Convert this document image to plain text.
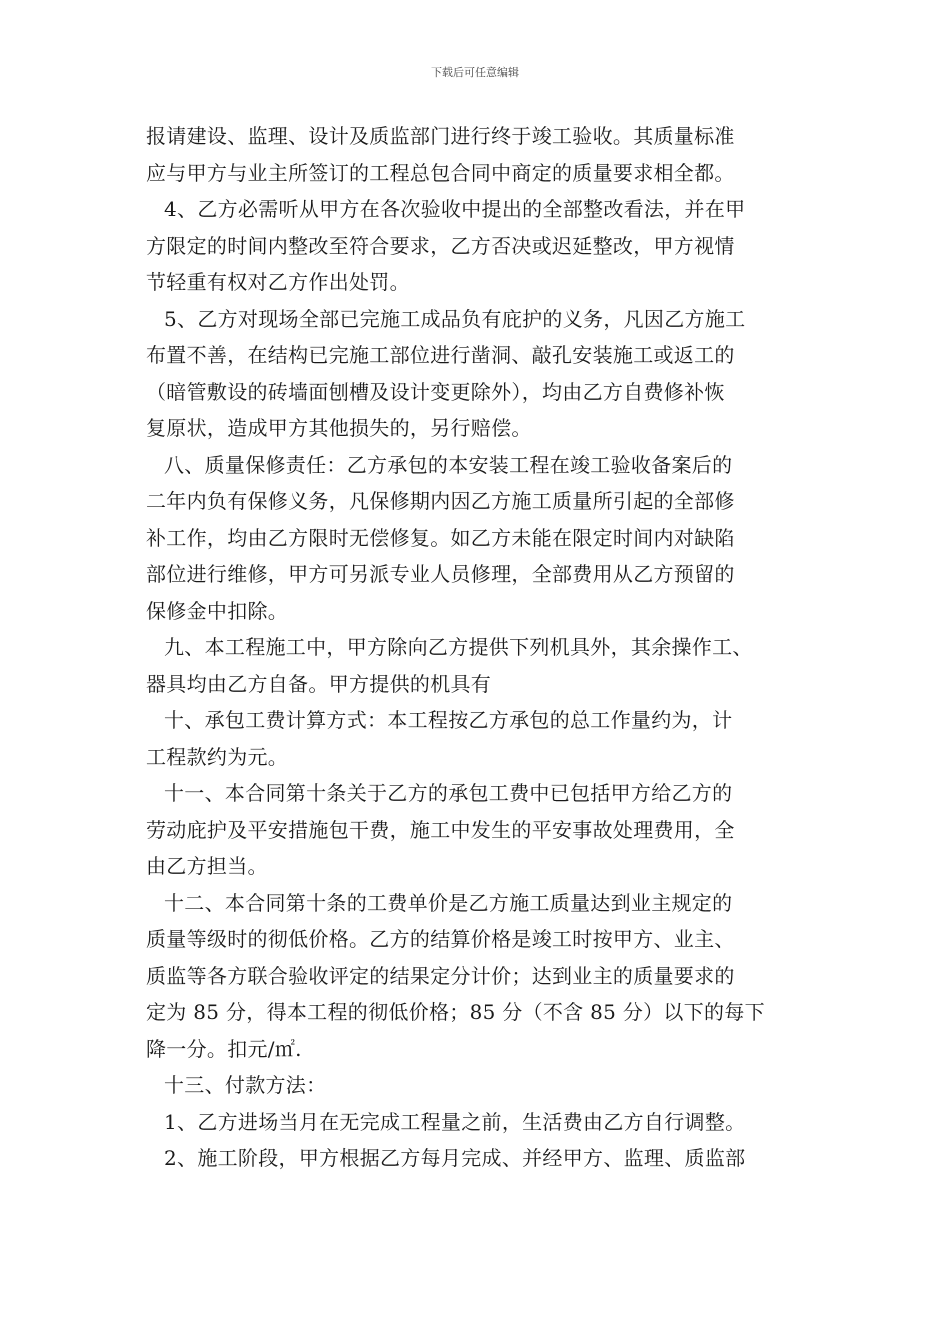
下载后可任意编辑
报请建设、监理、设计及质监部门进行终于竣工验收。其质量标准
应与甲方与业主所签订的工程总包合同中商定的质量要求相全都。
4、乙方必需听从甲方在各次验收中提出的全部整改看法，并在甲
方限定的时间内整改至符合要求，乙方否决或迟延整改，甲方视情
节轻重有权对乙方作出处罚。
5、乙方对现场全部已完施工成品负有庇护的义务，凡因乙方施工
布置不善，在结构已完施工部位进行凿洞、敲孔安装施工或返工的
（暗管敷设的砖墙面刨槽及设计变更除外），均由乙方自费修补恢
复原状，造成甲方其他损失的，另行赔偿。
八、质量保修责任：乙方承包的本安装工程在竣工验收备案后的
二年内负有保修义务，凡保修期内因乙方施工质量所引起的全部修
补工作，均由乙方限时无偿修复。如乙方未能在限定时间内对缺陷
部位进行维修，甲方可另派专业人员修理，全部费用从乙方预留的
保修金中扣除。
九、本工程施工中，甲方除向乙方提供下列机具外，其余操作工、
器具均由乙方自备。甲方提供的机具有
十、承包工费计算方式：本工程按乙方承包的总工作量约为，计
工程款约为元。
十一、本合同第十条关于乙方的承包工费中已包括甲方给乙方的
劳动庇护及平安措施包干费，施工中发生的平安事故处理费用，全
由乙方担当。
十二、本合同第十条的工费单价是乙方施工质量达到业主规定的
质量等级时的彻低价格。乙方的结算价格是竣工时按甲方、业主、
质监等各方联合验收评定的结果定分计价；达到业主的质量要求的
定为 85 分，得本工程的彻低价格；85 分（不含 85 分）以下的每下
降一分。扣元/㎡.
十三、付款方法：
1、乙方进场当月在无完成工程量之前，生活费由乙方自行调整。
2、施工阶段，甲方根据乙方每月完成、并经甲方、监理、质监部
